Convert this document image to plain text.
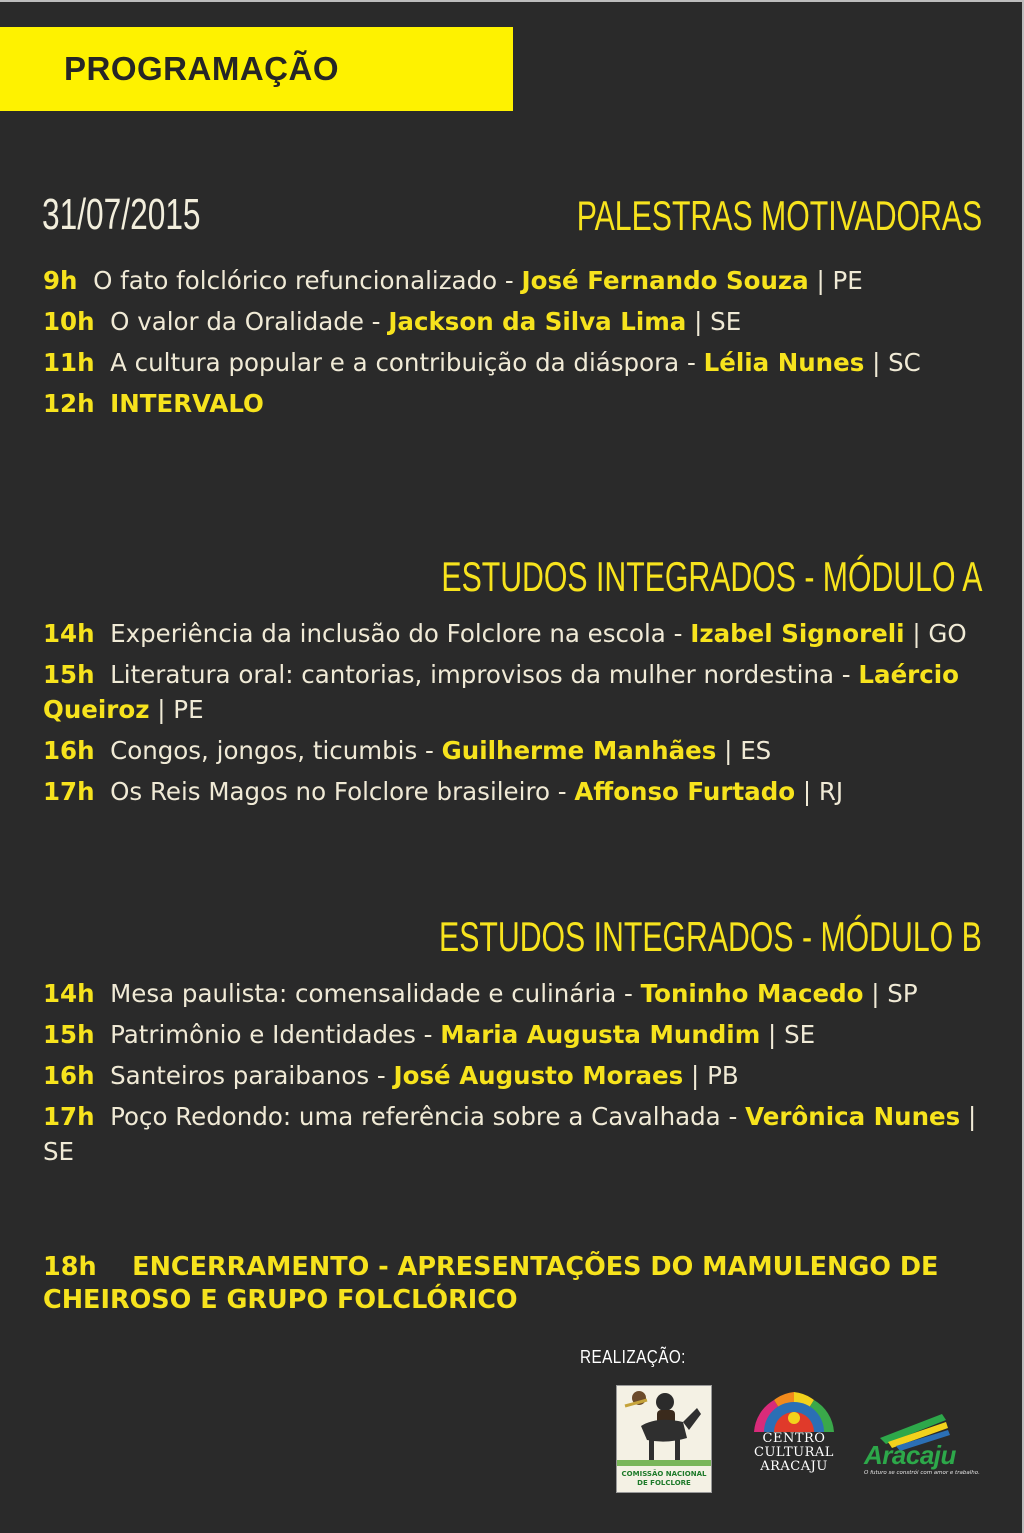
PROGRAMAÇÃO
31/07/2015	PALESTRAS MOTIVADORAS
9h O fato folclórico refuncionalizado - José Fernando Souza | PE
10h O valor da Oralidade - Jackson da Silva Lima | SE
11h A cultura popular e a contribuição da diáspora - Lélia Nunes | SC
12h INTERVALO
ESTUDOS INTEGRADOS - MÓDULO A
14h Experiência da inclusão do Folclore na escola - Izabel Signoreli | GO
15h Literatura oral: cantorias, improvisos da mulher nordestina - Laércio Queiroz | PE
16h Congos, jongos, ticumbis - Guilherme Manhães | ES
17h Os Reis Magos no Folclore brasileiro - Affonso Furtado | RJ
ESTUDOS INTEGRADOS - MÓDULO B
14h Mesa paulista: comensalidade e culinária - Toninho Macedo | SP
15h Patrimônio e Identidades - Maria Augusta Mundim | SE
16h Santeiros paraibanos - José Augusto Moraes | PB
17h Poço Redondo: uma referência sobre a Cavalhada - Verônica Nunes | SE
18h ENCERRAMENTO - APRESENTAÇÕES DO MAMULENGO DE CHEIROSO E GRUPO FOLCLÓRICO
REALIZAÇÃO:
COMISSÃO NACIONAL DE FOLCLORE
CENTRO
CULTURAL
ARACAJU	Aracaju
O futuro se constrói com amor e trabalho.
